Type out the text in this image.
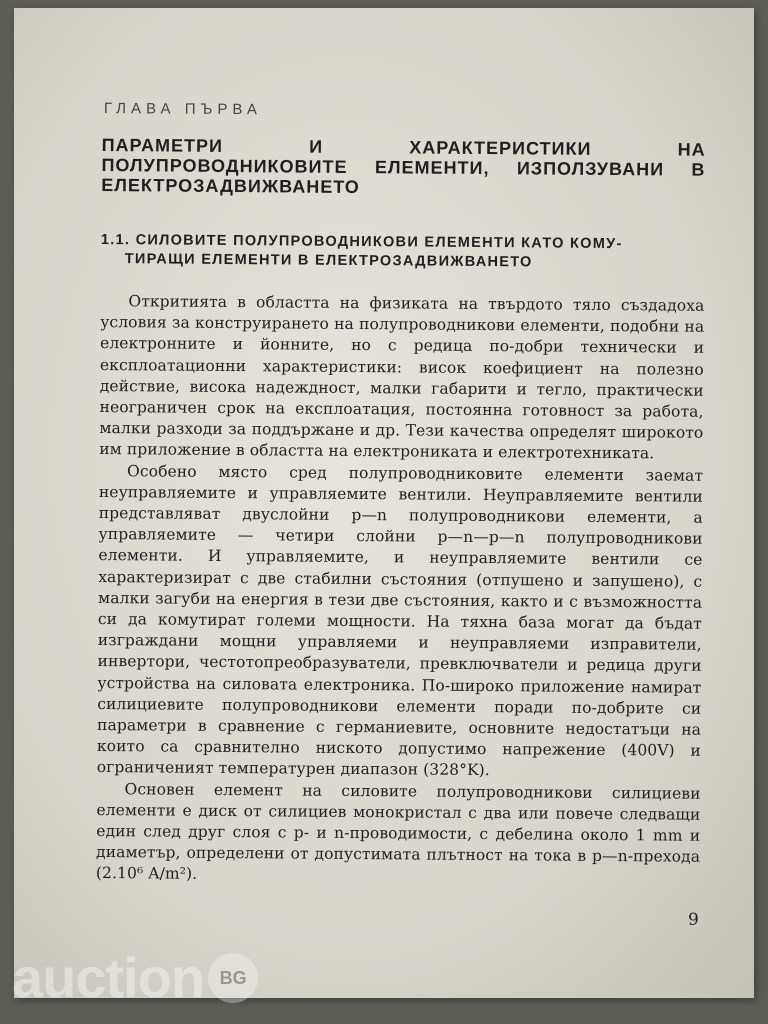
ГЛАВА ПЪРВА
ПАРАМЕТРИ И ХАРАКТЕРИСТИКИ НА ПОЛУПРОВОДНИКОВИТЕ ЕЛЕМЕНТИ, ИЗПОЛЗУВАНИ В ЕЛЕКТРОЗАДВИЖВАНЕТО
1.1. СИЛОВИТЕ ПОЛУПРОВОДНИКОВИ ЕЛЕМЕНТИ КАТО КОМУ-
ТИРАЩИ ЕЛЕМЕНТИ В ЕЛЕКТРОЗАДВИЖВАНЕТО

Откритията в областта на физиката на твърдото тяло създадоха условия за конструирането на полупроводникови елементи, подобни на електронните и йонните, но с редица по-добри технически и експлоатационни характеристики: висок коефициент на полезно действие, висока надеждност, малки габарити и тегло, практически неограничен срок на експлоатация, постоянна готовност за работа, малки разходи за поддържане и др. Тези качества определят широкото им приложение в областта на електрониката и електротехниката.

Особено място сред полупроводниковите елементи заемат неуправляемите и управляемите вентили. Неуправляемите вентили представляват двуслойни p—n полупроводникови елементи, а управляемите — четири слойни p—n—p—n полупроводникови елементи. И управляемите, и неуправляемите вентили се характеризират с две стабилни състояния (отпушено и запушено), с малки загуби на енергия в тези две състояния, както и с възможността си да комутират големи мощности. На тяхна база могат да бъдат изграждани мощни управляеми и неуправляеми изправители, инвертори, честотопреобразуватели, превключватели и редица други устройства на силовата електроника. По-широко приложение намират силициевите полупроводникови елементи поради по-добрите си параметри в сравнение с германиевите, основните недостатъци на които са сравнително ниското допустимо напрежение (400V) и ограниченият температурен диапазон (328°K).

Основен елемент на силовите полупроводникови силициеви елементи е диск от силициев монокристал с два или повече следващи един след друг слоя с p- и n-проводимости, с дебелина около 1 mm и диаметър, определени от допустимата плътност на тока в p—n-прехода (2.10⁶ A/m²).

9
auction BG
